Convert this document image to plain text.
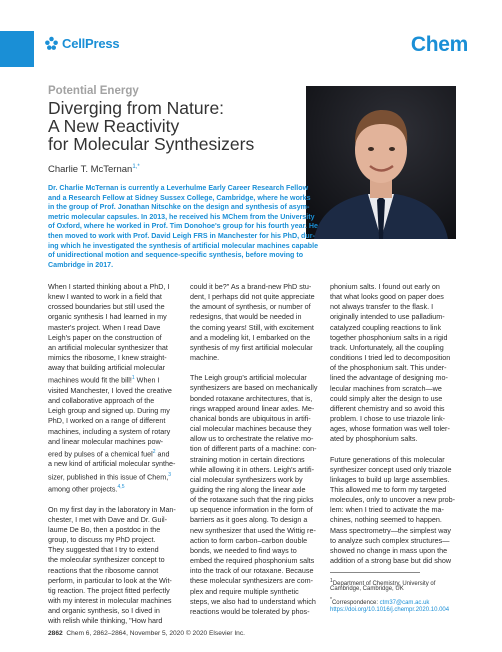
CellPress	Chem
Potential Energy
Diverging from Nature:
A New Reactivity
for Molecular Synthesizers
Charlie T. McTernan$^{1,*}$
Dr. Charlie McTernan is currently a Leverhulme Early Career Research Fellow
and a Research Fellow at Sidney Sussex College, Cambridge, where he works
in the group of Prof. Jonathan Nitschke on the design and synthesis of asym-
metric molecular capsules. In 2013, he received his MChem from the University
of Oxford, where he worked in Prof. Tim Donohoe's group for his fourth year. He
then moved to work with Prof. David Leigh FRS in Manchester for his PhD, dur-
ing which he investigated the synthesis of artificial molecular machines capable
of unidirectional motion and sequence-specific synthesis, before moving to
Cambridge in 2017.
When I started thinking about a PhD, I
knew I wanted to work in a field that
crossed boundaries but still used the
organic synthesis I had learned in my
master's project. When I read Dave
Leigh's paper on the construction of
an artificial molecular synthesizer that
mimics the ribosome, I knew straight-
away that building artificial molecular
machines would fit the bill!$^1$ When I
visited Manchester, I loved the creative
and collaborative approach of the
Leigh group and signed up. During my
PhD, I worked on a range of different
machines, including a system of rotary
and linear molecular machines pow-
ered by pulses of a chemical fuel$^2$ and
a new kind of artificial molecular synthe-
sizer, published in this issue of Chem,$^3$
among other projects.$^{4,5}$
On my first day in the laboratory in Man-
chester, I met with Dave and Dr. Guil-
laume De Bo, then a postdoc in the
group, to discuss my PhD project.
They suggested that I try to extend
the molecular synthesizer concept to
reactions that the ribosome cannot
perform, in particular to look at the Wit-
tig reaction. The project fitted perfectly
with my interest in molecular machines
and organic synthesis, so I dived in
with relish while thinking, "How hard
could it be?" As a brand-new PhD stu-
dent, I perhaps did not quite appreciate
the amount of synthesis, or number of
redesigns, that would be needed in
the coming years! Still, with excitement
and a modeling kit, I embarked on the
synthesis of my first artificial molecular
machine.
The Leigh group's artificial molecular
synthesizers are based on mechanically
bonded rotaxane architectures, that is,
rings wrapped around linear axles. Me-
chanical bonds are ubiquitous in artifi-
cial molecular machines because they
allow us to orchestrate the relative mo-
tion of different parts of a machine: con-
straining motion in certain directions
while allowing it in others. Leigh's artifi-
cial molecular synthesizers work by
guiding the ring along the linear axle
of the rotaxane such that the ring picks
up sequence information in the form of
barriers as it goes along. To design a
new synthesizer that used the Wittig re-
action to form carbon–carbon double
bonds, we needed to find ways to
embed the required phosphonium salts
into the track of our rotaxane. Because
these molecular synthesizers are com-
plex and require multiple synthetic
steps, we also had to understand which
reactions would be tolerated by phos-
phonium salts. I found out early on
that what looks good on paper does
not always transfer to the flask. I
originally intended to use palladium-
catalyzed coupling reactions to link
together phosphonium salts in a rigid
track. Unfortunately, all the coupling
conditions I tried led to decomposition
of the phosphonium salt. This under-
lined the advantage of designing mo-
lecular machines from scratch—we
could simply alter the design to use
different chemistry and so avoid this
problem. I chose to use triazole link-
ages, whose formation was well toler-
ated by phosphonium salts.
Future generations of this molecular
synthesizer concept used only triazole
linkages to build up large assemblies.
This allowed me to form my targeted
molecules, only to uncover a new prob-
lem: when I tried to activate the ma-
chines, nothing seemed to happen.
Mass spectrometry—the simplest way
to analyze such complex structures—
showed no change in mass upon the
addition of a strong base but did show
$^1$Department of Chemistry, University of
Cambridge, Cambridge, UK
*Correspondence: ctm37@cam.ac.uk
https://doi.org/10.1016/j.chempr.2020.10.004
2862 Chem 6, 2862–2864, November 5, 2020 © 2020 Elsevier Inc.
